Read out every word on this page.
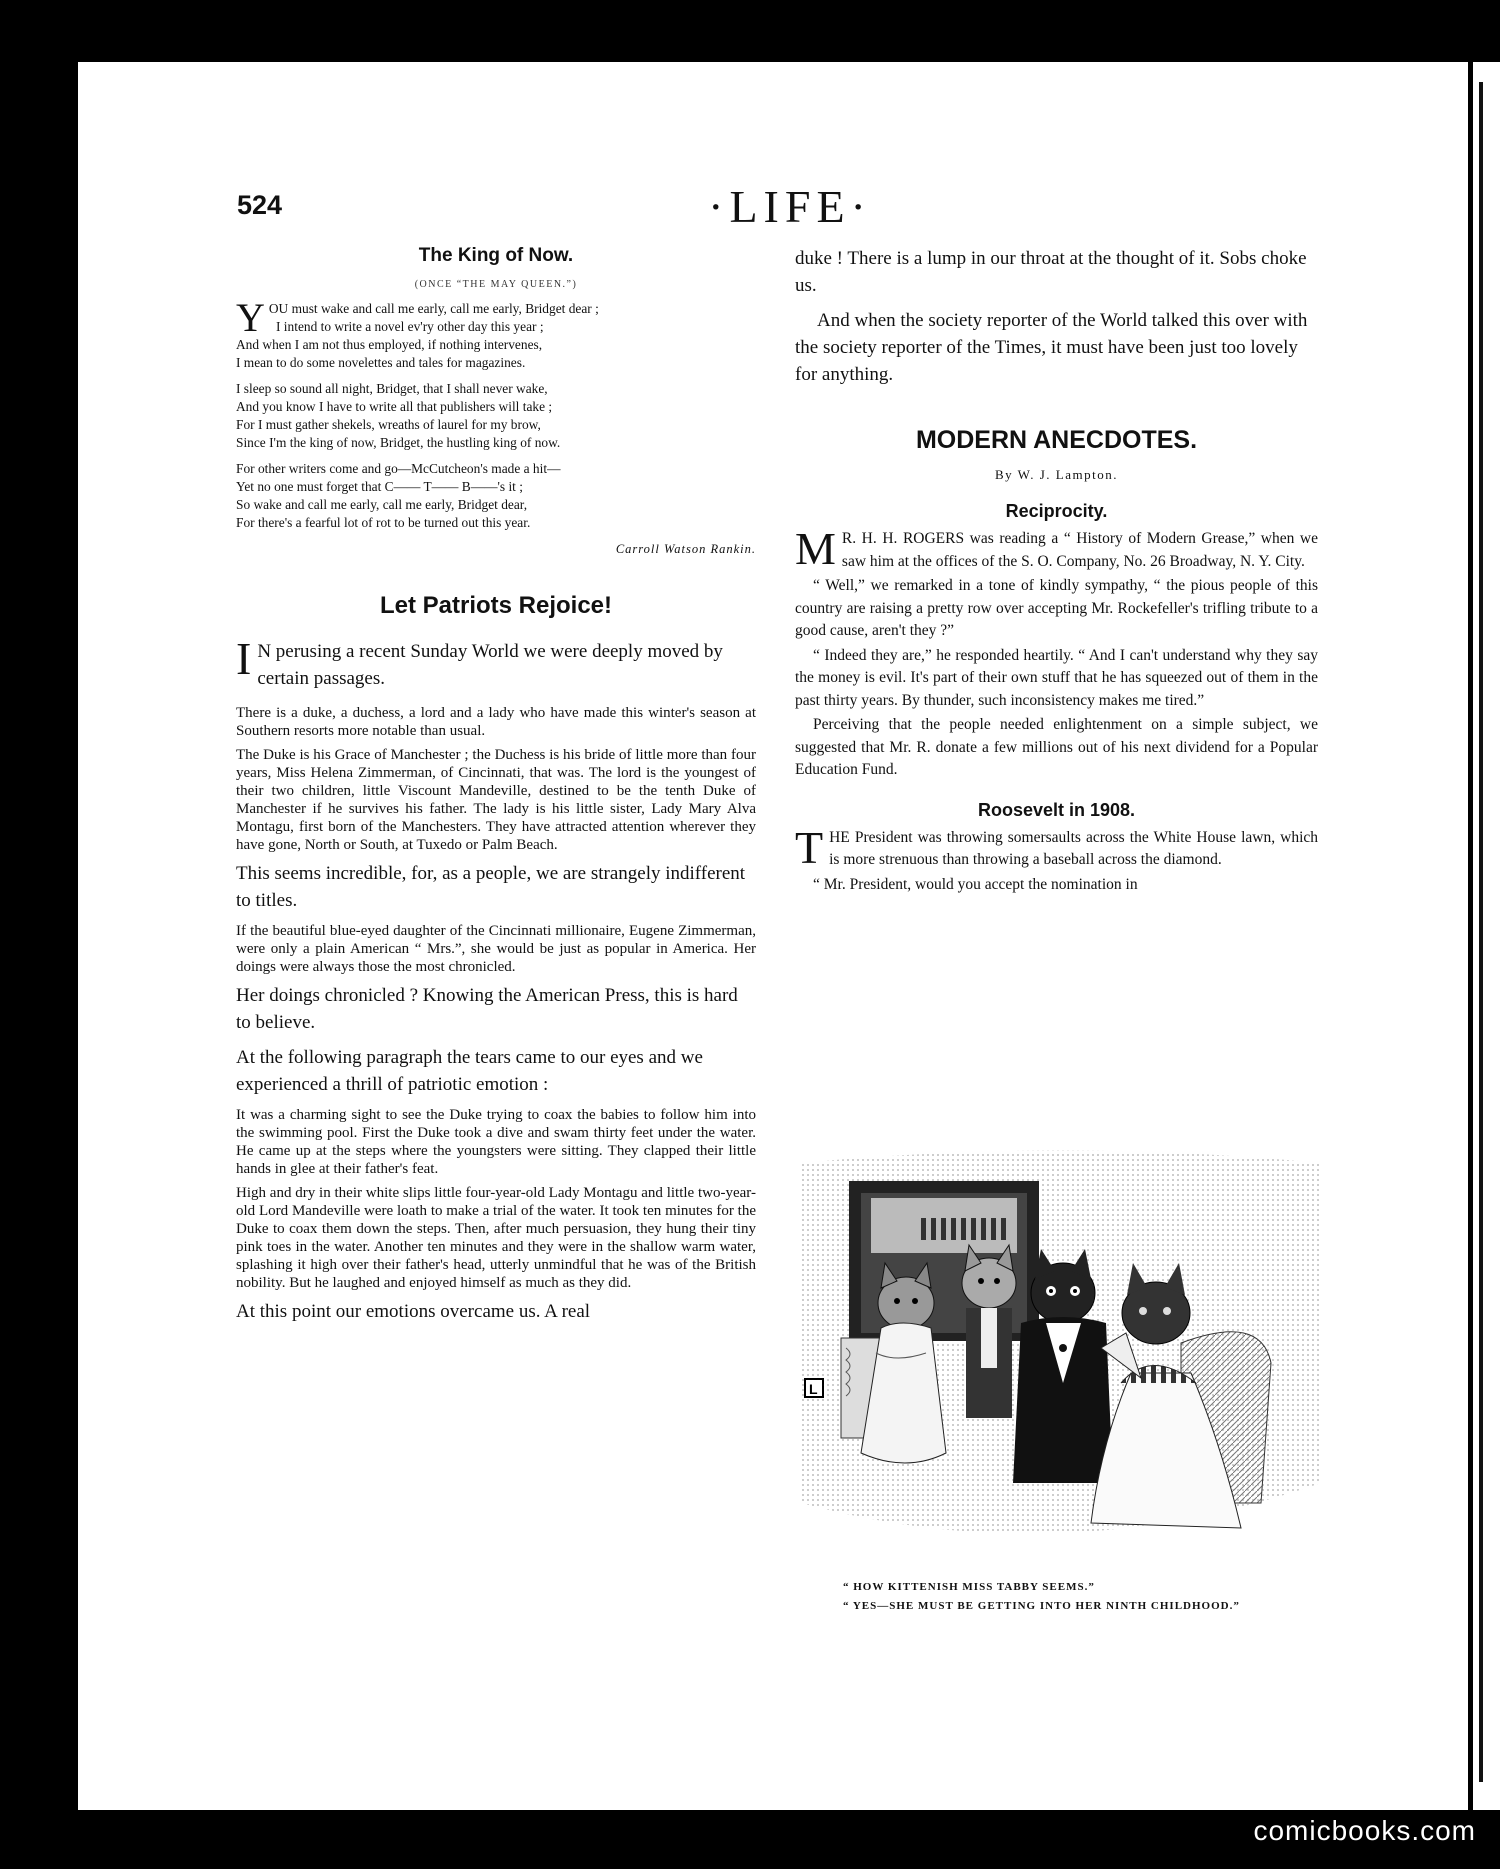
524	·LIFE·
The King of Now.
(ONCE “THE MAY QUEEN.”)

Y OU must wake and call me early, call me early, Bridget dear ;
I intend to write a novel ev'ry other day this year ;
And when I am not thus employed, if nothing intervenes,
I mean to do some novelettes and tales for magazines.

I sleep so sound all night, Bridget, that I shall never wake,
And you know I have to write all that publishers will take ;
For I must gather shekels, wreaths of laurel for my brow,
Since I'm the king of now, Bridget, the hustling king of now.

For other writers come and go—McCutcheon's made a hit—
Yet no one must forget that C—— T—— B——'s it ;
So wake and call me early, call me early, Bridget dear,
For there's a fearful lot of rot to be turned out this year.

Carroll Watson Rankin.
Let Patriots Rejoice!

I N perusing a recent Sunday World we were deeply moved by certain passages.

There is a duke, a duchess, a lord and a lady who have made this winter's season at Southern resorts more notable than usual.

The Duke is his Grace of Manchester ; the Duchess is his bride of little more than four years, Miss Helena Zimmerman, of Cincinnati, that was. The lord is the youngest of their two children, little Viscount Mandeville, destined to be the tenth Duke of Manchester if he survives his father. The lady is his little sister, Lady Mary Alva Montagu, first born of the Manchesters. They have attracted attention wherever they have gone, North or South, at Tuxedo or Palm Beach.

This seems incredible, for, as a people, we are strangely indifferent to titles.

If the beautiful blue-eyed daughter of the Cincinnati millionaire, Eugene Zimmerman, were only a plain American “ Mrs.”, she would be just as popular in America. Her doings were always those the most chronicled.

Her doings chronicled ? Knowing the American Press, this is hard to believe.

At the following paragraph the tears came to our eyes and we experienced a thrill of patriotic emotion :

It was a charming sight to see the Duke trying to coax the babies to follow him into the swimming pool. First the Duke took a dive and swam thirty feet under the water. He came up at the steps where the youngsters were sitting. They clapped their little hands in glee at their father's feat.

High and dry in their white slips little four-year-old Lady Montagu and little two-year-old Lord Mandeville were loath to make a trial of the water. It took ten minutes for the Duke to coax them down the steps. Then, after much persuasion, they hung their tiny pink toes in the water. Another ten minutes and they were in the shallow warm water, splashing it high over their father's head, utterly unmindful that he was of the British nobility. But he laughed and enjoyed himself as much as they did.

At this point our emotions overcame us. A real

duke ! There is a lump in our throat at the thought of it. Sobs choke us.

And when the society reporter of the World talked this over with the society reporter of the Times, it must have been just too lovely for anything.

MODERN ANECDOTES.
By W. J. Lampton.
Reciprocity.

M R. H. H. ROGERS was reading a “ History of Modern Grease,” when we saw him at the offices of the S. O. Company, No. 26 Broadway, N. Y. City.

“ Well,” we remarked in a tone of kindly sympathy, “ the pious people of this country are raising a pretty row over accepting Mr. Rockefeller's trifling tribute to a good cause, aren't they ?”

“ Indeed they are,” he responded heartily. “ And I can't understand why they say the money is evil. It's part of their own stuff that he has squeezed out of them in the past thirty years. By thunder, such inconsistency makes me tired.”

Perceiving that the people needed enlightenment on a simple subject, we suggested that Mr. R. donate a few millions out of his next dividend for a Popular Education Fund.

Roosevelt in 1908.

THE President was throwing somersaults across the White House lawn, which is more strenuous than throwing a baseball across the diamond.

“ Mr. President, would you accept the nomination in

L
“ HOW KITTENISH MISS TABBY SEEMS.”
“ YES—SHE MUST BE GETTING INTO HER NINTH CHILDHOOD.”
comicbooks.com
